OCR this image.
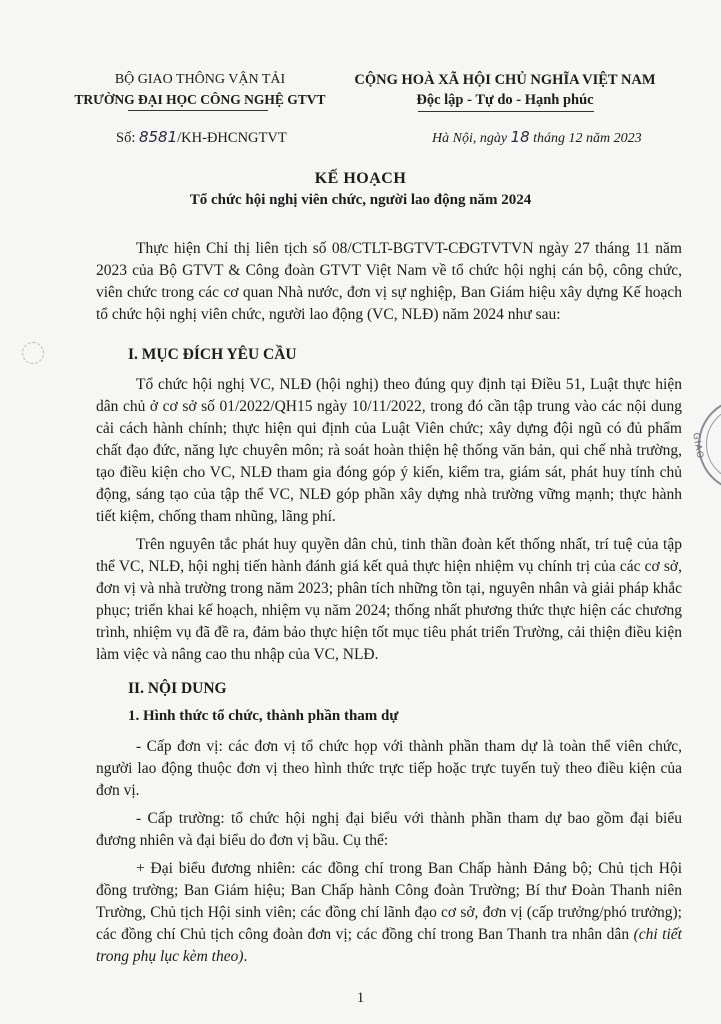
GIAO
BỘ GIAO THÔNG VẬN TẢI
TRƯỜNG ĐẠI HỌC CÔNG NGHỆ GTVT
CỘNG HOÀ XÃ HỘI CHỦ NGHĨA VIỆT NAM
Độc lập - Tự do - Hạnh phúc
Số: 8581/KH-ĐHCNGTVT	Hà Nội, ngày 18 tháng 12 năm 2023
KẾ HOẠCH
Tổ chức hội nghị viên chức, người lao động năm 2024

Thực hiện Chỉ thị liên tịch số 08/CTLT-BGTVT-CĐGTVTVN ngày 27 tháng 11 năm 2023 của Bộ GTVT & Công đoàn GTVT Việt Nam về tổ chức hội nghị cán bộ, công chức, viên chức trong các cơ quan Nhà nước, đơn vị sự nghiệp, Ban Giám hiệu xây dựng Kế hoạch tổ chức hội nghị viên chức, người lao động (VC, NLĐ) năm 2024 như sau:

I. MỤC ĐÍCH YÊU CẦU

Tổ chức hội nghị VC, NLĐ (hội nghị) theo đúng quy định tại Điều 51, Luật thực hiện dân chủ ở cơ sở số 01/2022/QH15 ngày 10/11/2022, trong đó cần tập trung vào các nội dung cải cách hành chính; thực hiện qui định của Luật Viên chức; xây dựng đội ngũ có đủ phẩm chất đạo đức, năng lực chuyên môn; rà soát hoàn thiện hệ thống văn bản, qui chế nhà trường, tạo điều kiện cho VC, NLĐ tham gia đóng góp ý kiến, kiểm tra, giám sát, phát huy tính chủ động, sáng tạo của tập thể VC, NLĐ góp phần xây dựng nhà trường vững mạnh; thực hành tiết kiệm, chống tham nhũng, lãng phí.

Trên nguyên tắc phát huy quyền dân chủ, tinh thần đoàn kết thống nhất, trí tuệ của tập thể VC, NLĐ, hội nghị tiến hành đánh giá kết quả thực hiện nhiệm vụ chính trị của các cơ sở, đơn vị và nhà trường trong năm 2023; phân tích những tồn tại, nguyên nhân và giải pháp khắc phục; triển khai kế hoạch, nhiệm vụ năm 2024; thống nhất phương thức thực hiện các chương trình, nhiệm vụ đã đề ra, đảm bảo thực hiện tốt mục tiêu phát triển Trường, cải thiện điều kiện làm việc và nâng cao thu nhập của VC, NLĐ.

II. NỘI DUNG
1. Hình thức tổ chức, thành phần tham dự

- Cấp đơn vị: các đơn vị tổ chức họp với thành phần tham dự là toàn thể viên chức, người lao động thuộc đơn vị theo hình thức trực tiếp hoặc trực tuyến tuỳ theo điều kiện của đơn vị.

- Cấp trường: tổ chức hội nghị đại biểu với thành phần tham dự bao gồm đại biểu đương nhiên và đại biểu do đơn vị bầu. Cụ thể:

+ Đại biểu đương nhiên: các đồng chí trong Ban Chấp hành Đảng bộ; Chủ tịch Hội đồng trường; Ban Giám hiệu; Ban Chấp hành Công đoàn Trường; Bí thư Đoàn Thanh niên Trường, Chủ tịch Hội sinh viên; các đồng chí lãnh đạo cơ sở, đơn vị (cấp trưởng/phó trưởng); các đồng chí Chủ tịch công đoàn đơn vị; các đồng chí trong Ban Thanh tra nhân dân (chi tiết trong phụ lục kèm theo).

1
